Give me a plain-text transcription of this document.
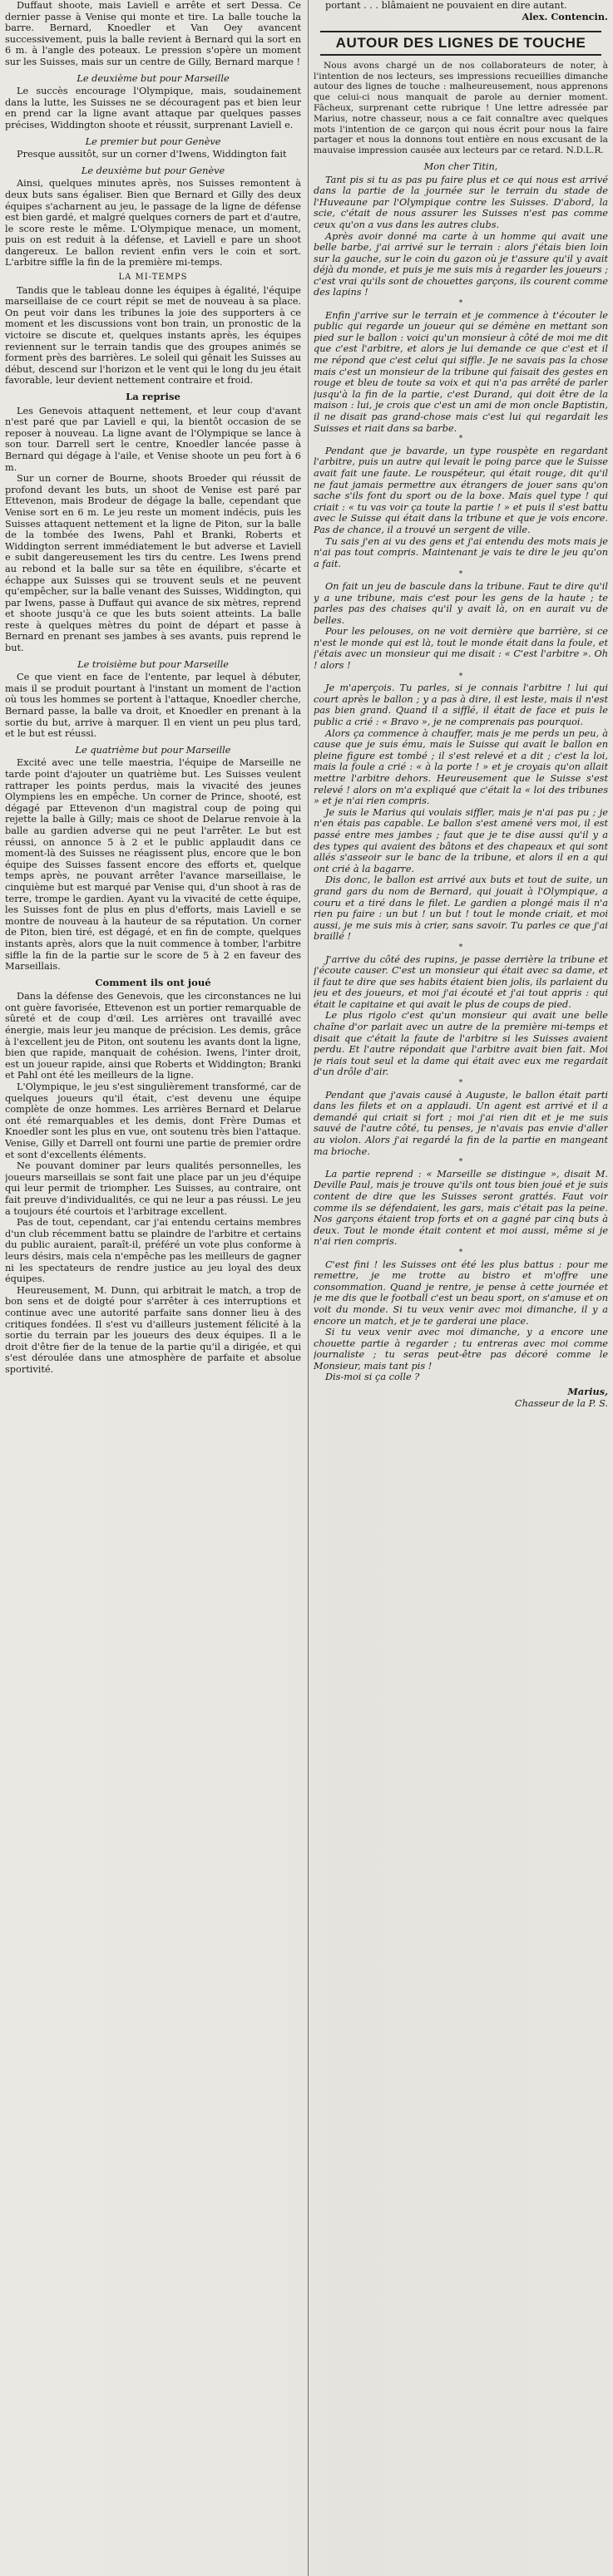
Duffaut shoote, mais Laviell e arrête et sert Dessa. Ce dernier passe à Venise qui monte et tire. La balle touche la barre. Bernard, Knoedler et Van Oey avancent successivement, puis la balle revient à Bernard qui la sort en 6 m. à l'angle des poteaux. Le pression s'opère un moment sur les Suisses, mais sur un centre de Gilly, Bernard marque !

Le deuxième but pour Marseille

Le succès encourage l'Olympique, mais, soudainement dans la lutte, les Suisses ne se découragent pas et bien leur en prend car la ligne avant attaque par quelques passes précises, Widdington shoote et réussit, surprenant Laviell e.

Le premier but pour Genève

Presque aussitôt, sur un corner d'Iwens, Widdington fait

Le deuxième but pour Genève

Ainsi, quelques minutes après, nos Suisses remontent à deux buts sans égaliser. Bien que Bernard et Gilly des deux équipes s'acharnent au jeu, le passage de la ligne de défense est bien gardé, et malgré quelques corners de part et d'autre, le score reste le même. L'Olympique menace, un moment, puis on est reduit à la défense, et Laviell e pare un shoot dangereux. Le ballon revient enfin vers le coin et sort. L'arbitre siffle la fin de la première mi-temps.

LA MI-TEMPS

Tandis que le tableau donne les équipes à égalité, l'équipe marseillaise de ce court répit se met de nouveau à sa place. On peut voir dans les tribunes la joie des supporters à ce moment et les discussions vont bon train, un pronostic de la victoire se discute et, quelques instants après, les équipes reviennent sur le terrain tandis que des groupes animés se forment près des barrières. Le soleil qui gênait les Suisses au début, descend sur l'horizon et le vent qui le long du jeu était favorable, leur devient nettement contraire et froid.

La reprise

Les Genevois attaquent nettement, et leur coup d'avant n'est paré que par Laviell e qui, la bientôt occasion de se reposer à nouveau. La ligne avant de l'Olympique se lance à son tour. Darrell sert le centre, Knoedler lancée passe à Bernard qui dégage à l'aile, et Venise shoote un peu fort à 6 m.

Sur un corner de Bourne, shoots Broeder qui réussit de profond devant les buts, un shoot de Venise est paré par Ettevenon, mais Brodeur de dégage la balle, cependant que Venise sort en 6 m. Le jeu reste un moment indécis, puis les Suisses attaquent nettement et la ligne de Piton, sur la balle de la tombée des Iwens, Pahl et Branki, Roberts et Widdington serrent immédiatement le but adverse et Laviell e subit dangereusement les tirs du centre. Les Iwens prend au rebond et la balle sur sa tête en équilibre, s'écarte et échappe aux Suisses qui se trouvent seuls et ne peuvent qu'empêcher, sur la balle venant des Suisses, Widdington, qui par Iwens, passe à Duffaut qui avance de six mètres, reprend et shoote jusqu'à ce que les buts soient atteints. La balle reste à quelques mètres du point de départ et passe à Bernard en prenant ses jambes à ses avants, puis reprend le but.

Le troisième but pour Marseille

Ce que vient en face de l'entente, par lequel à débuter, mais il se produit pourtant à l'instant un moment de l'action où tous les hommes se portent à l'attaque, Knoedler cherche, Bernard passe, la balle va droit, et Knoedler en prenant à la sortie du but, arrive à marquer. Il en vient un peu plus tard, et le but est réussi.

Le quatrième but pour Marseille

Excité avec une telle maestria, l'équipe de Marseille ne tarde point d'ajouter un quatrième but. Les Suisses veulent rattraper les points perdus, mais la vivacité des jeunes Olympiens les en empêche. Un corner de Prince, shooté, est dégagé par Ettevenon d'un magistral coup de poing qui rejette la balle à Gilly; mais ce shoot de Delarue renvoie à la balle au gardien adverse qui ne peut l'arrêter. Le but est réussi, on annonce 5 à 2 et le public applaudit dans ce moment-là des Suisses ne réagissent plus, encore que le bon équipe des Suisses fassent encore des efforts et, quelque temps après, ne pouvant arrêter l'avance marseillaise, le cinquième but est marqué par Venise qui, d'un shoot à ras de terre, trompe le gardien. Ayant vu la vivacité de cette équipe, les Suisses font de plus en plus d'efforts, mais Laviell e se montre de nouveau à la hauteur de sa réputation. Un corner de Piton, bien tiré, est dégagé, et en fin de compte, quelques instants après, alors que la nuit commence à tomber, l'arbitre siffle la fin de la partie sur le score de 5 à 2 en faveur des Marseillais.

Comment ils ont joué

Dans la défense des Genevois, que les circonstances ne lui ont guère favorisée, Ettevenon est un portier remarquable de sûreté et de coup d'œil. Les arrières ont travaillé avec énergie, mais leur jeu manque de précision. Les demis, grâce à l'excellent jeu de Piton, ont soutenu les avants dont la ligne, bien que rapide, manquait de cohésion. Iwens, l'inter droit, est un joueur rapide, ainsi que Roberts et Widdington; Branki et Pahl ont été les meilleurs de la ligne.

L'Olympique, le jeu s'est singulièrement transformé, car de quelques joueurs qu'il était, c'est devenu une équipe complète de onze hommes. Les arrières Bernard et Delarue ont été remarquables et les demis, dont Frère Dumas et Knoedler sont les plus en vue, ont soutenu très bien l'attaque. Venise, Gilly et Darrell ont fourni une partie de premier ordre et sont d'excellents éléments.

Ne pouvant dominer par leurs qualités personnelles, les joueurs marseillais se sont fait une place par un jeu d'équipe qui leur permit de triompher. Les Suisses, au contraire, ont fait preuve d'individualités, ce qui ne leur a pas réussi. Le jeu a toujours été courtois et l'arbitrage excellent.

Pas de tout, cependant, car j'ai entendu certains membres d'un club récemment battu se plaindre de l'arbitre et certains du public auraient, paraît-il, préféré un vote plus conforme à leurs désirs, mais cela n'empêche pas les meilleurs de gagner ni les spectateurs de rendre justice au jeu loyal des deux équipes.

Heureusement, M. Dunn, qui arbitrait le match, a trop de bon sens et de doigté pour s'arrêter à ces interruptions et continue avec une autorité parfaite sans donner lieu à des critiques fondées. Il s'est vu d'ailleurs justement félicité à la sortie du terrain par les joueurs des deux équipes. Il a le droit d'être fier de la tenue de la partie qu'il a dirigée, et qui s'est déroulée dans une atmosphère de parfaite et absolue sportivité.

portant . . . blâmaient ne pouvaient en dire autant.

Alex. Contencin.

AUTOUR DES LIGNES DE TOUCHE

Nous avons chargé un de nos collaborateurs de noter, à l'intention de nos lecteurs, ses impressions recueillies dimanche autour des lignes de touche : malheureusement, nous apprenons que celui-ci nous manquait de parole au dernier moment. Fâcheux, surprenant cette rubrique ! Une lettre adressée par Marius, notre chasseur, nous a ce fait connaître avec quelques mots l'intention de ce garçon qui nous écrit pour nous la faire partager et nous la donnons tout entière en nous excusant de la mauvaise impression causée aux lecteurs par ce retard. N.D.L.R.

Mon cher Titin,

Tant pis si tu as pas pu faire plus et ce qui nous est arrivé dans la partie de la journée sur le terrain du stade de l'Huveaune par l'Olympique contre les Suisses. D'abord, la scie, c'était de nous assurer les Suisses n'est pas comme ceux qu'on a vus dans les autres clubs.

Après avoir donné ma carte à un homme qui avait une belle barbe, j'ai arrivé sur le terrain : alors j'étais bien loin sur la gauche, sur le coin du gazon où je t'assure qu'il y avait déjà du monde, et puis je me suis mis à regarder les joueurs ; c'est vrai qu'ils sont de chouettes garçons, ils courent comme des lapins !

*

Enfin j'arrive sur le terrain et je commence à t'écouter le public qui regarde un joueur qui se démène en mettant son pied sur le ballon : voici qu'un monsieur à côté de moi me dit que c'est l'arbitre, et alors je lui demande ce que c'est et il me répond que c'est celui qui siffle. Je ne savais pas la chose mais c'est un monsieur de la tribune qui faisait des gestes en rouge et bleu de toute sa voix et qui n'a pas arrêté de parler jusqu'à la fin de la partie, c'est Durand, qui doit être de la maison : lui, je crois que c'est un ami de mon oncle Baptistin, il ne disait pas grand-chose mais c'est lui qui regardait les Suisses et riait dans sa barbe.

*

Pendant que je bavarde, un type rouspète en regardant l'arbitre, puis un autre qui levait le poing parce que le Suisse avait fait une faute. Le rouspéteur, qui était rouge, dit qu'il ne faut jamais permettre aux étrangers de jouer sans qu'on sache s'ils font du sport ou de la boxe. Mais quel type ! qui criait : « tu vas voir ça toute la partie ! » et puis il s'est battu avec le Suisse qui était dans la tribune et que je vois encore. Pas de chance, il a trouvé un sergent de ville.

Tu sais j'en ai vu des gens et j'ai entendu des mots mais je n'ai pas tout compris. Maintenant je vais te dire le jeu qu'on a fait.

*

On fait un jeu de bascule dans la tribune. Faut te dire qu'il y a une tribune, mais c'est pour les gens de la haute ; te parles pas des chaises qu'il y avait là, on en aurait vu de belles.

Pour les pelouses, on ne voit dernière que barrière, si ce n'est le monde qui est là, tout le monde était dans la foule, et j'étais avec un monsieur qui me disait : « C'est l'arbitre ». Oh ! alors !

*

Je m'aperçois. Tu parles, si je connais l'arbitre ! lui qui court après le ballon ; y a pas à dire, il est leste, mais il n'est pas bien grand. Quand il a sifflé, il était de face et puis le public a crié : « Bravo », je ne comprenais pas pourquoi.

Alors ça commence à chauffer, mais je me perds un peu, à cause que je suis ému, mais le Suisse qui avait le ballon en pleine figure est tombé ; il s'est relevé et a dit ; c'est la loi, mais la foule a crié : « à la porte ! » et je croyais qu'on allait mettre l'arbitre dehors. Heureusement que le Suisse s'est relevé ! alors on m'a expliqué que c'était la « loi des tribunes » et je n'ai rien compris.

Je suis le Marius qui voulais siffler, mais je n'ai pas pu ; je n'en étais pas capable. Le ballon s'est amené vers moi, il est passé entre mes jambes ; faut que je te dise aussi qu'il y a des types qui avaient des bâtons et des chapeaux et qui sont allés s'asseoir sur le banc de la tribune, et alors il en a qui ont crié à la bagarre.

Dis donc, le ballon est arrivé aux buts et tout de suite, un grand gars du nom de Bernard, qui jouait à l'Olympique, a couru et a tiré dans le filet. Le gardien a plongé mais il n'a rien pu faire : un but ! un but ! tout le monde criait, et moi aussi, je me suis mis à crier, sans savoir. Tu parles ce que j'ai braillé !

*

J'arrive du côté des rupins, je passe derrière la tribune et j'écoute causer. C'est un monsieur qui était avec sa dame, et il faut te dire que ses habits étaient bien jolis, ils parlaient du jeu et des joueurs, et moi j'ai écouté et j'ai tout appris : qui était le capitaine et qui avait le plus de coups de pied.

Le plus rigolo c'est qu'un monsieur qui avait une belle chaîne d'or parlait avec un autre de la première mi-temps et disait que c'était la faute de l'arbitre si les Suisses avaient perdu. Et l'autre répondait que l'arbitre avait bien fait. Moi je riais tout seul et la dame qui était avec eux me regardait d'un drôle d'air.

*

Pendant que j'avais causé à Auguste, le ballon était parti dans les filets et on a applaudi. Un agent est arrivé et il a demandé qui criait si fort ; moi j'ai rien dit et je me suis sauvé de l'autre côté, tu penses, je n'avais pas envie d'aller au violon. Alors j'ai regardé la fin de la partie en mangeant ma brioche.

*

La partie reprend : « Marseille se distingue », disait M. Deville Paul, mais je trouve qu'ils ont tous bien joué et je suis content de dire que les Suisses seront grattés. Faut voir comme ils se défendaient, les gars, mais c'était pas la peine. Nos garçons étaient trop forts et on a gagné par cinq buts à deux. Tout le monde était content et moi aussi, même si je n'ai rien compris.

*

C'est fini ! les Suisses ont été les plus battus : pour me remettre, je me trotte au bistro et m'offre une consommation. Quand je rentre, je pense à cette journée et je me dis que le football c'est un beau sport, on s'amuse et on voit du monde. Si tu veux venir avec moi dimanche, il y a encore un match, et je te garderai une place.

Si tu veux venir avec moi dimanche, y a encore une chouette partie à regarder ; tu entreras avec moi comme journaliste ; tu seras peut-être pas décoré comme le Monsieur, mais tant pis !

Dis-moi si ça colle ?

Marius,

Chasseur de la P. S.
